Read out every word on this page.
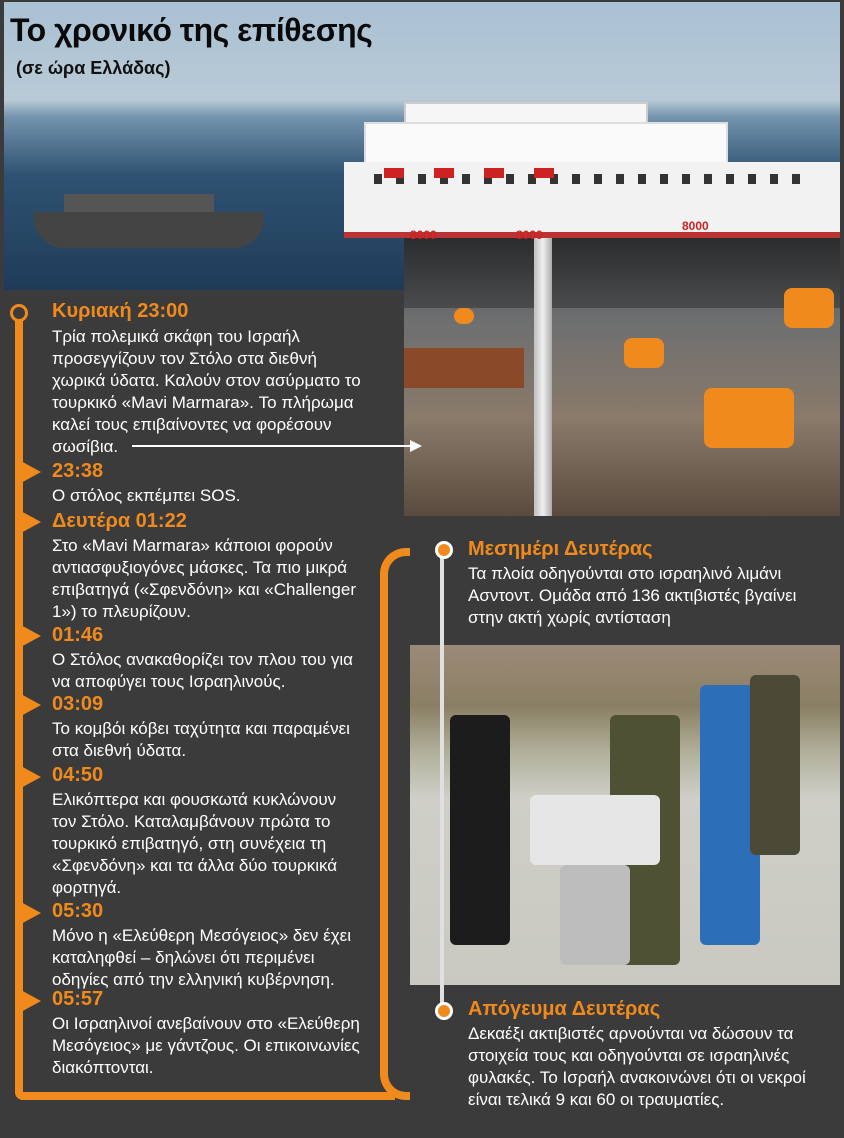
Το χρονικό της επίθεσης
(σε ώρα Ελλάδας)
Κυριακή 23:00
Τρία πολεμικά σκάφη του Ισραήλ
προσεγγίζουν τον Στόλο στα διεθνή
χωρικά ύδατα. Καλούν στον ασύρματο το
τουρκικό «Mavi Marmara». Το πλήρωμα
καλεί τους επιβαίνοντες να φορέσουν
σωσίβια.
23:38
Ο στόλος εκπέμπει SOS.
Δευτέρα 01:22
Στο «Mavi Marmara» κάποιοι φορούν
αντιασφυξιογόνες μάσκες. Τα πιο μικρά
επιβατηγά («Σφενδόνη» και «Challenger
1») το πλευρίζουν.
01:46
Ο Στόλος ανακαθορίζει τον πλου του για
να αποφύγει τους Ισραηλινούς.
03:09
Το κομβόι κόβει ταχύτητα και παραμένει
στα διεθνή ύδατα.
04:50
Ελικόπτερα και φουσκωτά κυκλώνουν
τον Στόλο. Καταλαμβάνουν πρώτα το
τουρκικό επιβατηγό, στη συνέχεια τη
«Σφενδόνη» και τα άλλα δύο τουρκικά
φορτηγά.
05:30
Μόνο η «Ελεύθερη Μεσόγειος» δεν έχει
καταληφθεί – δηλώνει ότι περιμένει
οδηγίες από την ελληνική κυβέρνηση.
05:57
Οι Ισραηλινοί ανεβαίνουν στο «Ελεύθερη
Μεσόγειος» με γάντζους. Οι επικοινωνίες
διακόπτονται.
Μεσημέρι Δευτέρας
Τα πλοία οδηγούνται στο ισραηλινό λιμάνι
Ασντοντ. Ομάδα από 136 ακτιβιστές βγαίνει
στην ακτή χωρίς αντίσταση
Απόγευμα Δευτέρας
Δεκαέξι ακτιβιστές αρνούνται να δώσουν τα
στοιχεία τους και οδηγούνται σε ισραηλινές
φυλακές. Το Ισραήλ ανακοινώνει ότι οι νεκροί
είναι τελικά 9 και 60 οι τραυματίες.
8000	8000
8000
